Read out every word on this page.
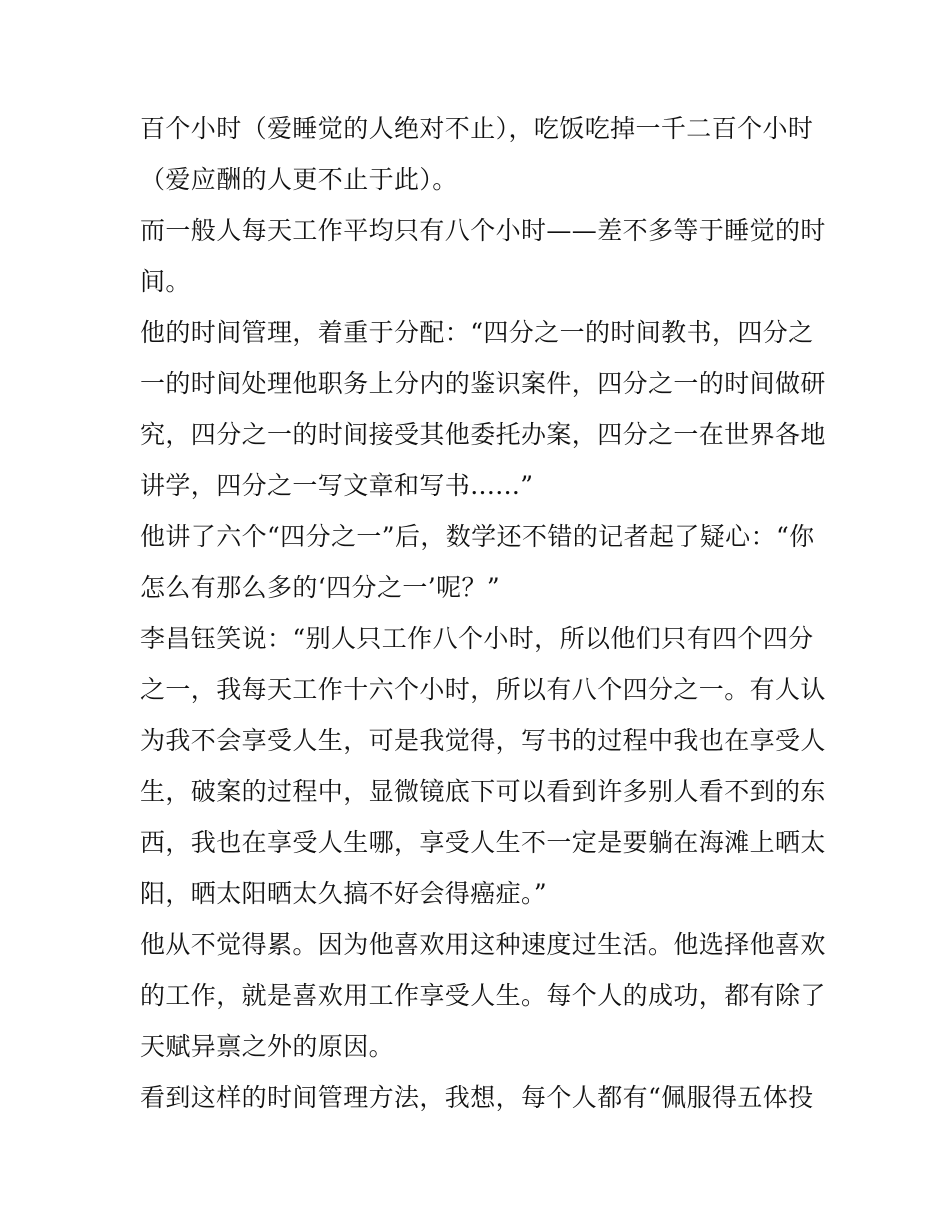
百个小时（爱睡觉的人绝对不止），吃饭吃掉一千二百个小时
（爱应酬的人更不止于此）。
而一般人每天工作平均只有八个小时——差不多等于睡觉的时
间。
他的时间管理，着重于分配：“四分之一的时间教书，四分之
一的时间处理他职务上分内的鉴识案件，四分之一的时间做研
究，四分之一的时间接受其他委托办案，四分之一在世界各地
讲学，四分之一写文章和写书......”
他讲了六个“四分之一”后，数学还不错的记者起了疑心：“你
怎么有那么多的‘四分之一’呢？”
李昌钰笑说：“别人只工作八个小时，所以他们只有四个四分
之一，我每天工作十六个小时，所以有八个四分之一。有人认
为我不会享受人生，可是我觉得，写书的过程中我也在享受人
生，破案的过程中，显微镜底下可以看到许多别人看不到的东
西，我也在享受人生哪，享受人生不一定是要躺在海滩上晒太
阳，晒太阳晒太久搞不好会得癌症。”
他从不觉得累。因为他喜欢用这种速度过生活。他选择他喜欢
的工作，就是喜欢用工作享受人生。每个人的成功，都有除了
天赋异禀之外的原因。
看到这样的时间管理方法，我想，每个人都有“佩服得五体投
